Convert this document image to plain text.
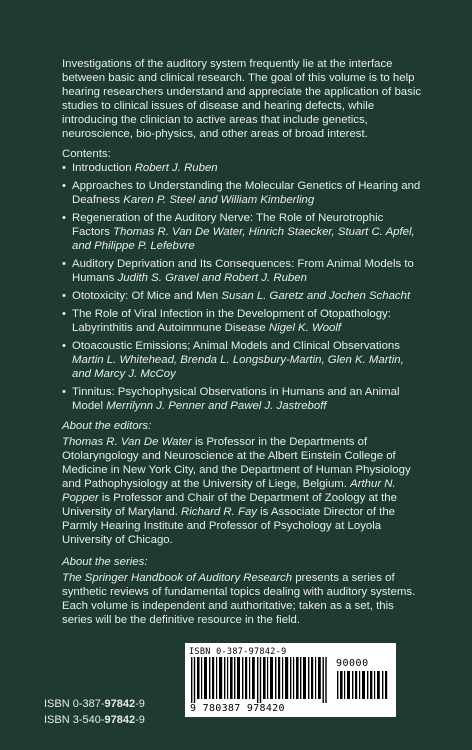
Investigations of the auditory system frequently lie at the interface between basic and clinical research. The goal of this volume is to help hearing researchers understand and appreciate the application of basic studies to clinical issues of disease and hearing defects, while introducing the clinician to active areas that include genetics, neuroscience, bio-physics, and other areas of broad interest.

Contents:

• Introduction Robert J. Ruben
• Approaches to Understanding the Molecular Genetics of Hearing and Deafness Karen P. Steel and William Kimberling
• Regeneration of the Auditory Nerve: The Role of Neurotrophic Factors Thomas R. Van De Water, Hinrich Staecker, Stuart C. Apfel, and Philippe P. Lefebvre
• Auditory Deprivation and Its Consequences: From Animal Models to Humans Judith S. Gravel and Robert J. Ruben
• Ototoxicity: Of Mice and Men Susan L. Garetz and Jochen Schacht
• The Role of Viral Infection in the Development of Otopathology: Labyrinthitis and Autoimmune Disease Nigel K. Woolf
• Otoacoustic Emissions; Animal Models and Clinical Observations Martin L. Whitehead, Brenda L. Longsbury-Martin, Glen K. Martin, and Marcy J. McCoy
• Tinnitus: Psychophysical Observations in Humans and an Animal Model Merrilynn J. Penner and Pawel J. Jastreboff

About the editors:

Thomas R. Van De Water is Professor in the Departments of Otolaryngology and Neuroscience at the Albert Einstein College of Medicine in New York City, and the Department of Human Physiology and Pathophysiology at the University of Liege, Belgium. Arthur N. Popper is Professor and Chair of the Department of Zoology at the University of Maryland. Richard R. Fay is Associate Director of the Parmly Hearing Institute and Professor of Psychology at Loyola University of Chicago.

About the series:

The Springer Handbook of Auditory Research presents a series of synthetic reviews of fundamental topics dealing with auditory systems. Each volume is independent and authoritative; taken as a set, this series will be the definitive resource in the field.

ISBN 0-387-97842-9
90000
9 780387 978420
ISBN 0-387-97842-9
ISBN 3-540-97842-9
